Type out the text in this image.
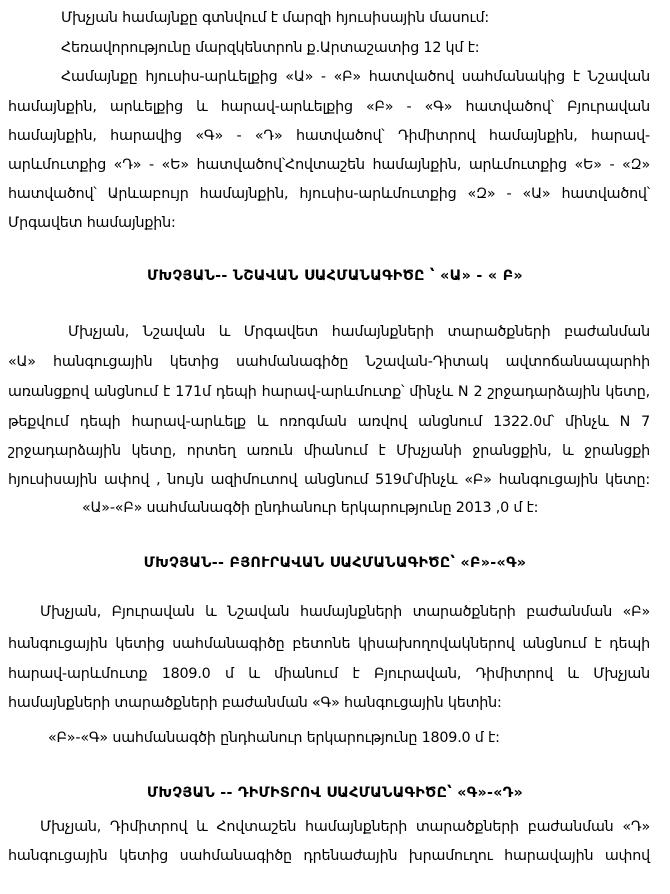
Մխչյան համայնքը գտնվում է մարզի հյուսիսային մասում:
Հեռավորությունը մարզկենտրոն ք.Արտաշատից 12 կմ է:
Համայնքը հյուսիս-արևելքից «Ա» - «Բ» հատվածով սահմանակից է Նշավան
համայնքին, արևելքից և հարավ-արևելքից «Բ» - «Գ» հատվածով՝ Բյուրավան
համայնքին, հարավից «Գ» - «Դ» հատվածով՝ Դիմիտրով համայնքին, հարավ-
արևմուտքից «Դ» - «Ե» հատվածով՝Հովտաշեն համայնքին, արևմուտքից «Ե» - «Զ»
հատվածով՝ Արևաբույր համայնքին, հյուսիս-արևմուտքից «Զ» - «Ա» հատվածով՝
Մրգավետ համայնքին:
ՄԽՉՅԱՆ-- ՆՇԱՎԱՆ ՍԱՀՄԱՆԱԳԻԾԸ ՝ «Ա» - « Բ»
Մխչյան, Նշավան և Մրգավետ համայնքների տարածքների բաժանման
«Ա» հանգուցային կետից սահմանագիծը Նշավան-Դիտակ ավտոճանապարհի
առանցքով անցնում է 171մ դեպի հարավ-արևմուտք՝ մինչև N 2 շրջադարձային կետը,
թեքվում դեպի հարավ-արևելք և ոռոգման առվով անցնում 1322.0մ՝ մինչև N 7
շրջադարձային կետը, որտեղ առուն միանում է Մխչյանի ջրանցքին, և ջրանցքի
հյուսիսային ափով , նույն ազիմուտով անցնում 519մ՝մինչև «Բ» հանգուցային կետը:
«Ա»-«Բ» սահմանագծի ընդհանուր երկարությունը 2013 ,0 մ է:
ՄԽՉՅԱՆ-- ԲՅՈՒՐԱՎԱՆ ՍԱՀՄԱՆԱԳԻԾԸ՝ «Բ»-«Գ»
Մխչյան, Բյուրավան և Նշավան համայնքների տարածքների բաժանման «Բ»
հանգուցային կետից սահմանագիծը բետոնե կիսախողովակներով անցնում է դեպի
հարավ-արևմուտք 1809.0 մ և միանում է Բյուրավան, Դիմիտրով և Մխչյան
համայնքների տարածքների բաժանման «Գ» հանգուցային կետին:
«Բ»-«Գ» սահմանագծի ընդհանուր երկարությունը 1809.0 մ է:
ՄԽՉՅԱՆ -- ԴԻՄԻՏՐՈՎ ՍԱՀՄԱՆԱԳԻԾԸ՝ «Գ»-«Դ»
Մխչյան, Դիմիտրով և Հովտաշեն համայնքների տարածքների բաժանման «Դ»
հանգուցային կետից սահմանագիծը դրենաժային խրամուղու հարավային ափով
